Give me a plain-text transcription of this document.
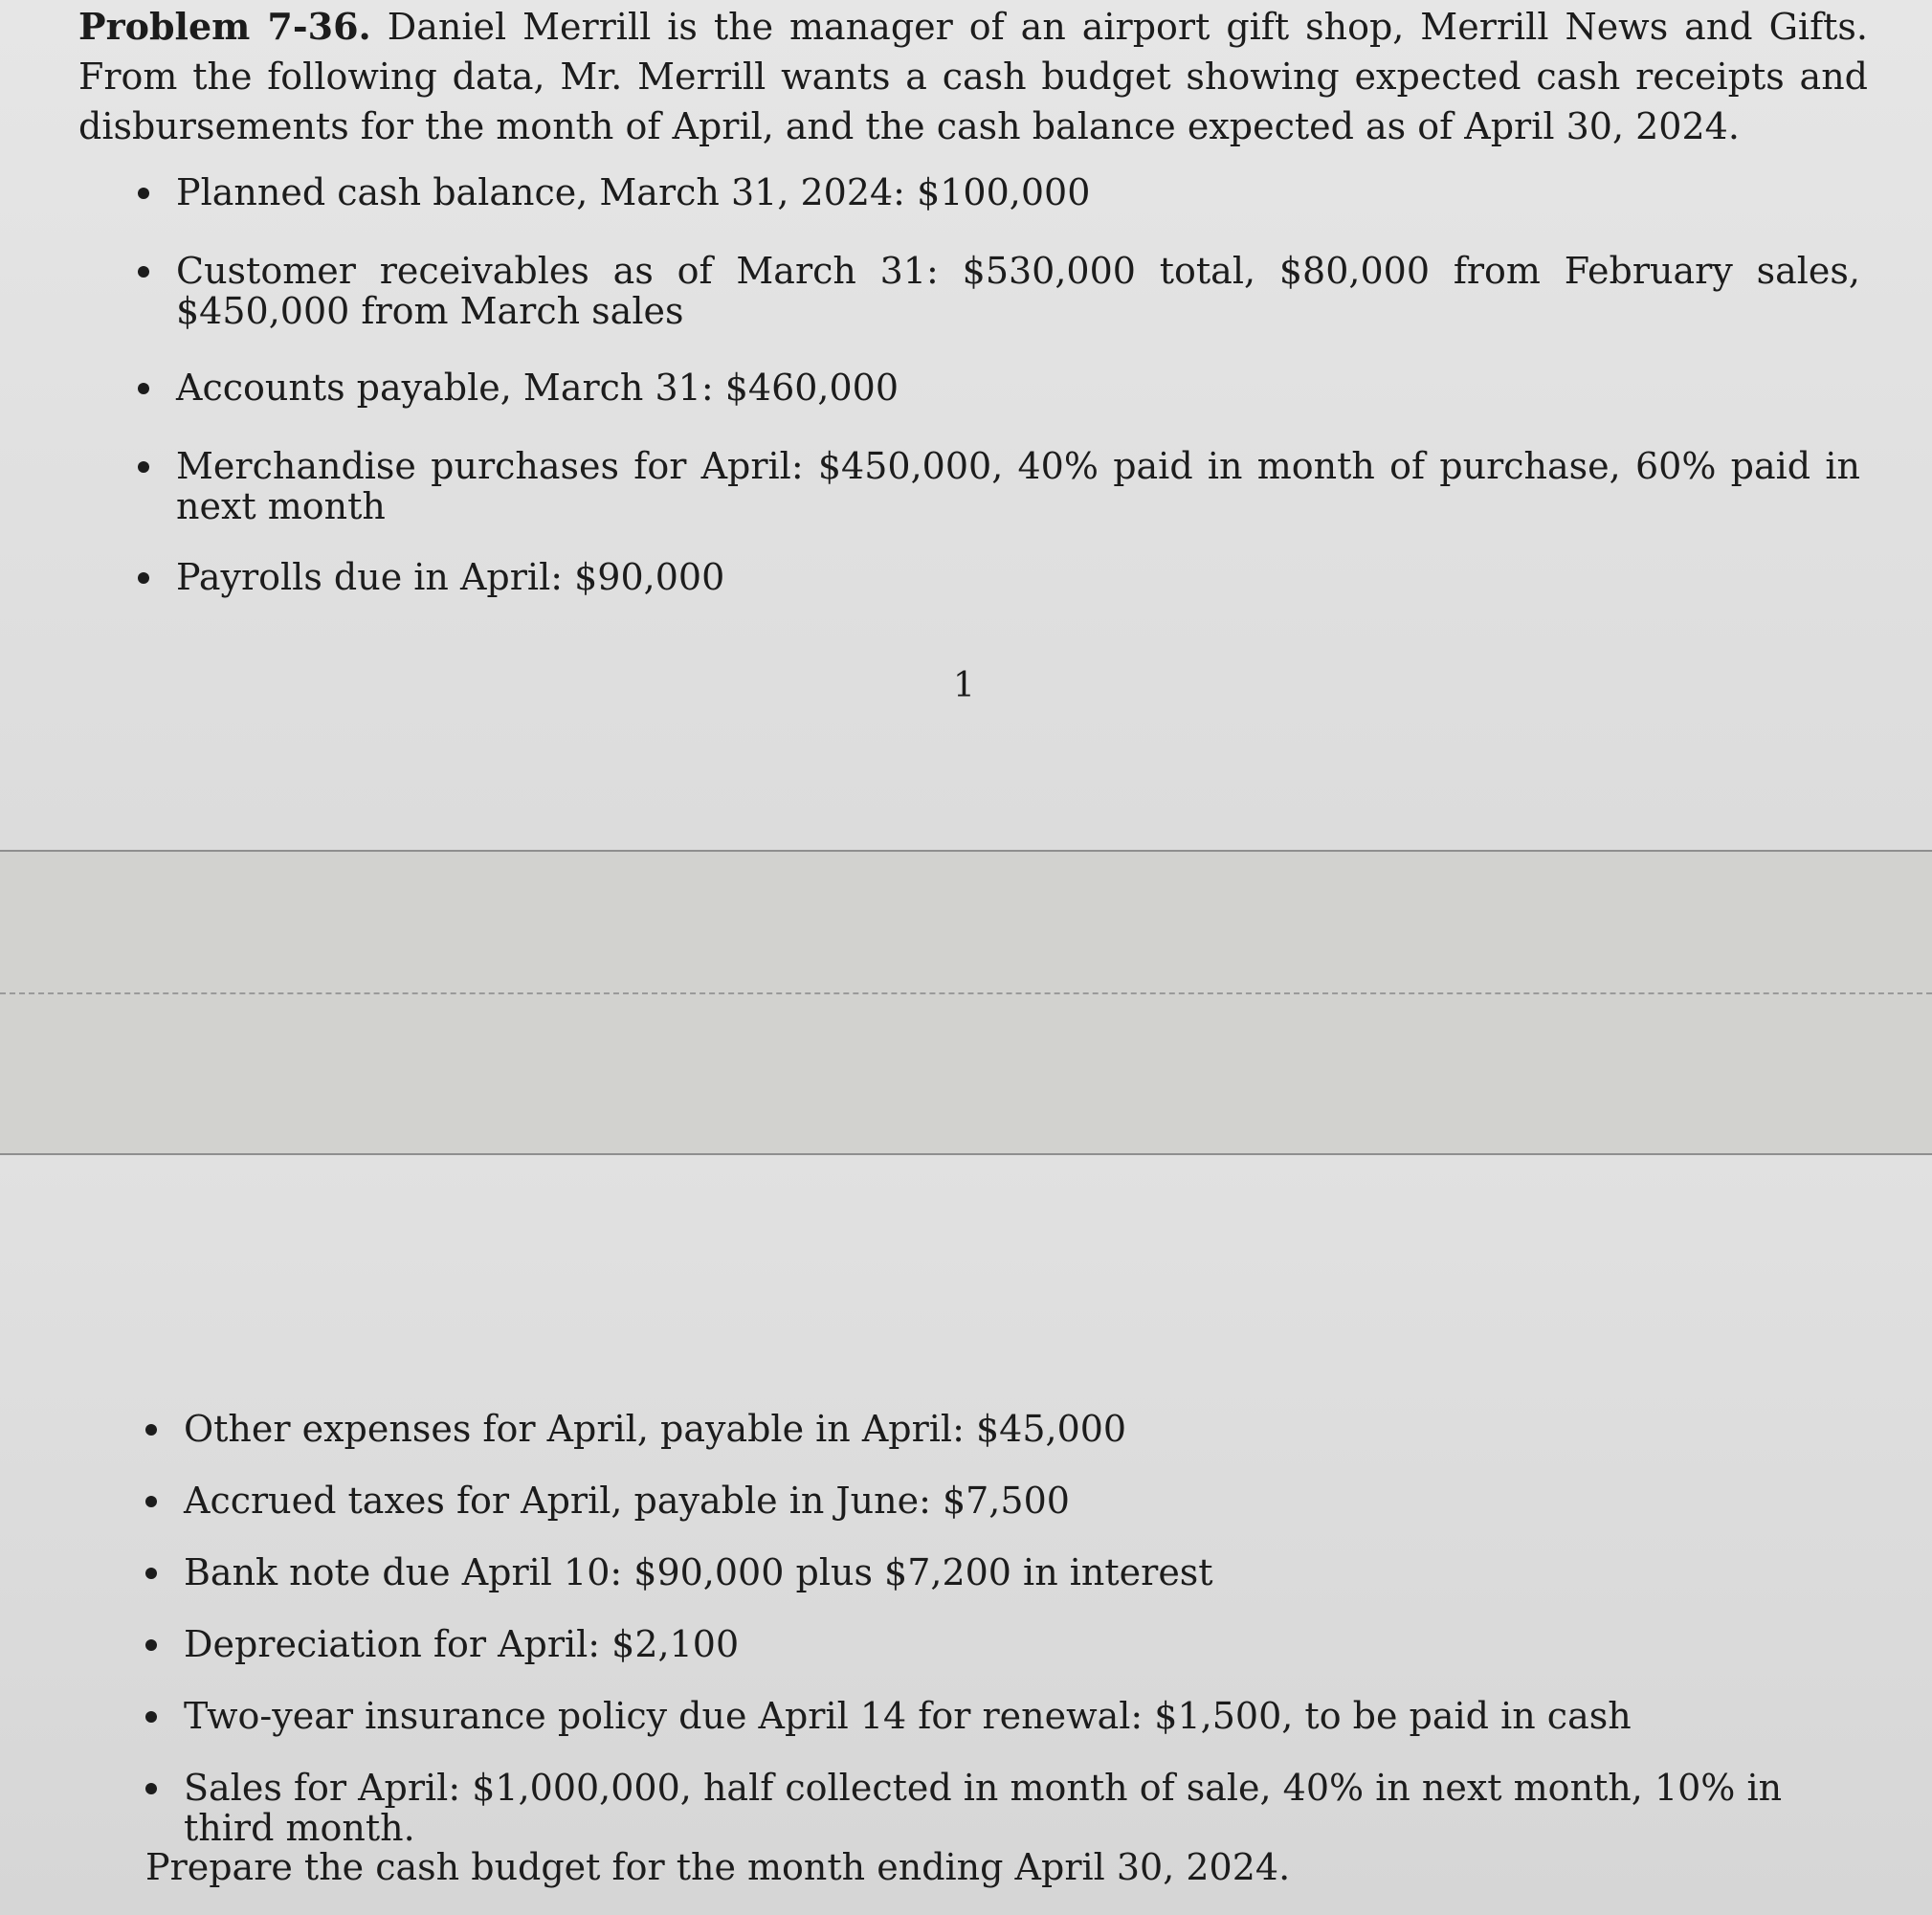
Problem 7-36. Daniel Merrill is the manager of an airport gift shop, Merrill News and Gifts. From the following data, Mr. Merrill wants a cash budget showing expected cash receipts and disbursements for the month of April, and the cash balance expected as of April 30, 2024.

Planned cash balance, March 31, 2024: $100,000
Customer receivables as of March 31: $530,000 total, $80,000 from February sales, $450,000 from March sales
Accounts payable, March 31: $460,000
Merchandise purchases for April: $450,000, 40% paid in month of purchase, 60% paid in next month
Payrolls due in April: $90,000
1
Other expenses for April, payable in April: $45,000
Accrued taxes for April, payable in June: $7,500
Bank note due April 10: $90,000 plus $7,200 in interest
Depreciation for April: $2,100
Two-year insurance policy due April 14 for renewal: $1,500, to be paid in cash
Sales for April: $1,000,000, half collected in month of sale, 40% in next month, 10% in third month.

Prepare the cash budget for the month ending April 30, 2024.
